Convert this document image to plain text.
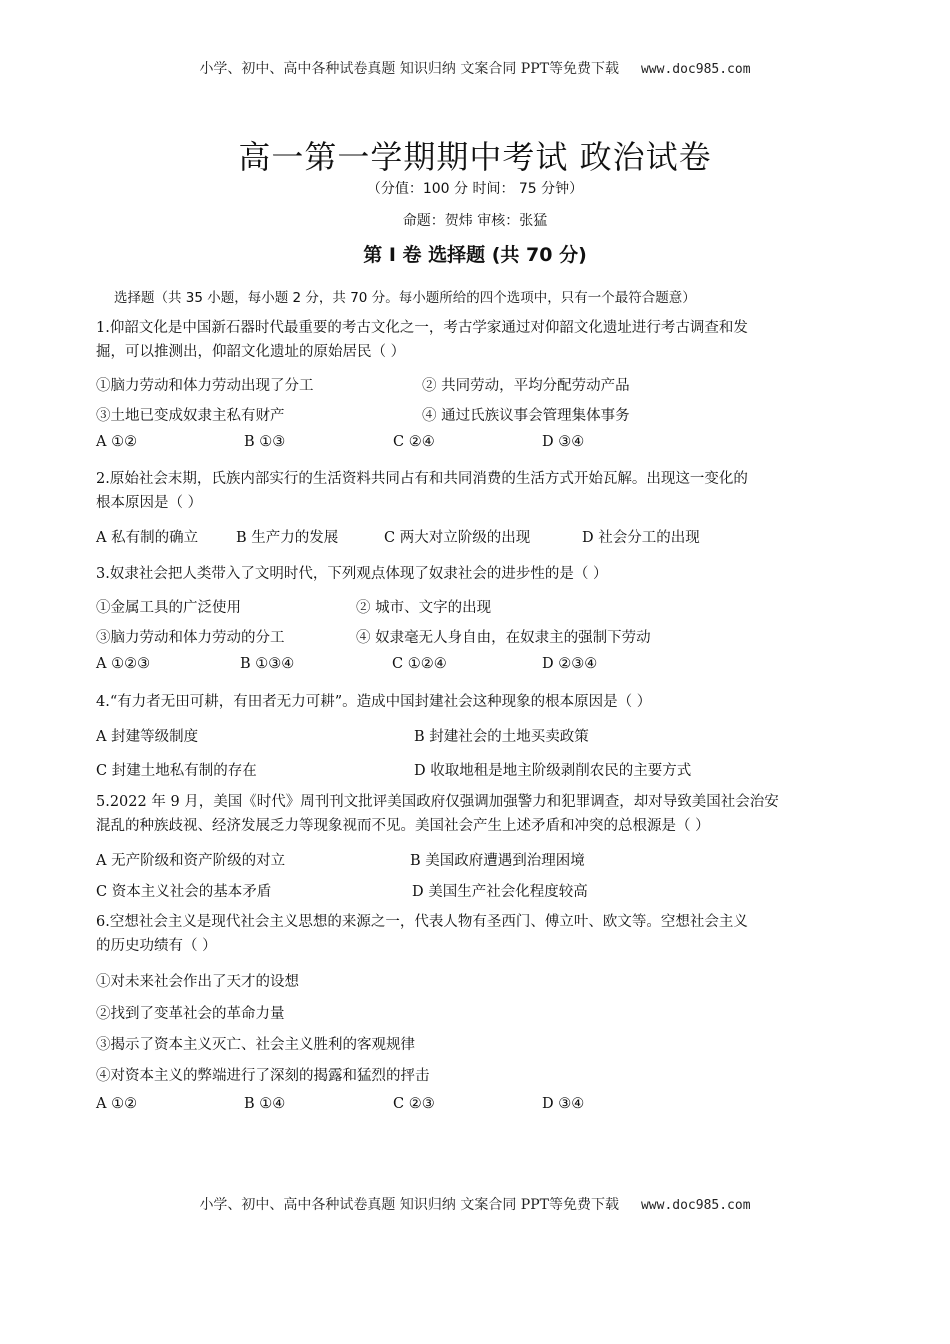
小学、初中、高中各种试卷真题 知识归纳 文案合同 PPT等免费下载 www.doc985.com
高一第一学期期中考试 政治试卷
（分值：100 分 时间： 75 分钟）
命题：贺炜 审核：张猛
第 Ⅰ 卷 选择题 (共 70 分)
选择题（共 35 小题，每小题 2 分，共 70 分。每小题所给的四个选项中，只有一个最符合题意）
1.仰韶文化是中国新石器时代最重要的考古文化之一，考古学家通过对仰韶文化遗址进行考古调查和发
掘，可以推测出，仰韶文化遗址的原始居民（ ）
①脑力劳动和体力劳动出现了分工	② 共同劳动，平均分配劳动产品
③土地已变成奴隶主私有财产	④ 通过氏族议事会管理集体事务
A ①②	B ①③	C ②④	D ③④
2.原始社会末期，氏族内部实行的生活资料共同占有和共同消费的生活方式开始瓦解。出现这一变化的
根本原因是（ ）
A 私有制的确立	B 生产力的发展	C 两大对立阶级的出现	D 社会分工的出现
3.奴隶社会把人类带入了文明时代，下列观点体现了奴隶社会的进步性的是（ ）
①金属工具的广泛使用	② 城市、文字的出现
③脑力劳动和体力劳动的分工	④ 奴隶毫无人身自由，在奴隶主的强制下劳动
A ①②③	B ①③④	C ①②④	D ②③④
4.“有力者无田可耕，有田者无力可耕”。造成中国封建社会这种现象的根本原因是（ ）
A 封建等级制度	B 封建社会的土地买卖政策
C 封建土地私有制的存在	D 收取地租是地主阶级剥削农民的主要方式
5.2022 年 9 月，美国《时代》周刊刊文批评美国政府仅强调加强警力和犯罪调查，却对导致美国社会治安
混乱的种族歧视、经济发展乏力等现象视而不见。美国社会产生上述矛盾和冲突的总根源是（ ）
A 无产阶级和资产阶级的对立	B 美国政府遭遇到治理困境
C 资本主义社会的基本矛盾	D 美国生产社会化程度较高
6.空想社会主义是现代社会主义思想的来源之一，代表人物有圣西门、傅立叶、欧文等。空想社会主义
的历史功绩有（ ）
①对未来社会作出了天才的设想
②找到了变革社会的革命力量
③揭示了资本主义灭亡、社会主义胜利的客观规律
④对资本主义的弊端进行了深刻的揭露和猛烈的抨击
A ①②	B ①④	C ②③	D ③④
小学、初中、高中各种试卷真题 知识归纳 文案合同 PPT等免费下载 www.doc985.com
